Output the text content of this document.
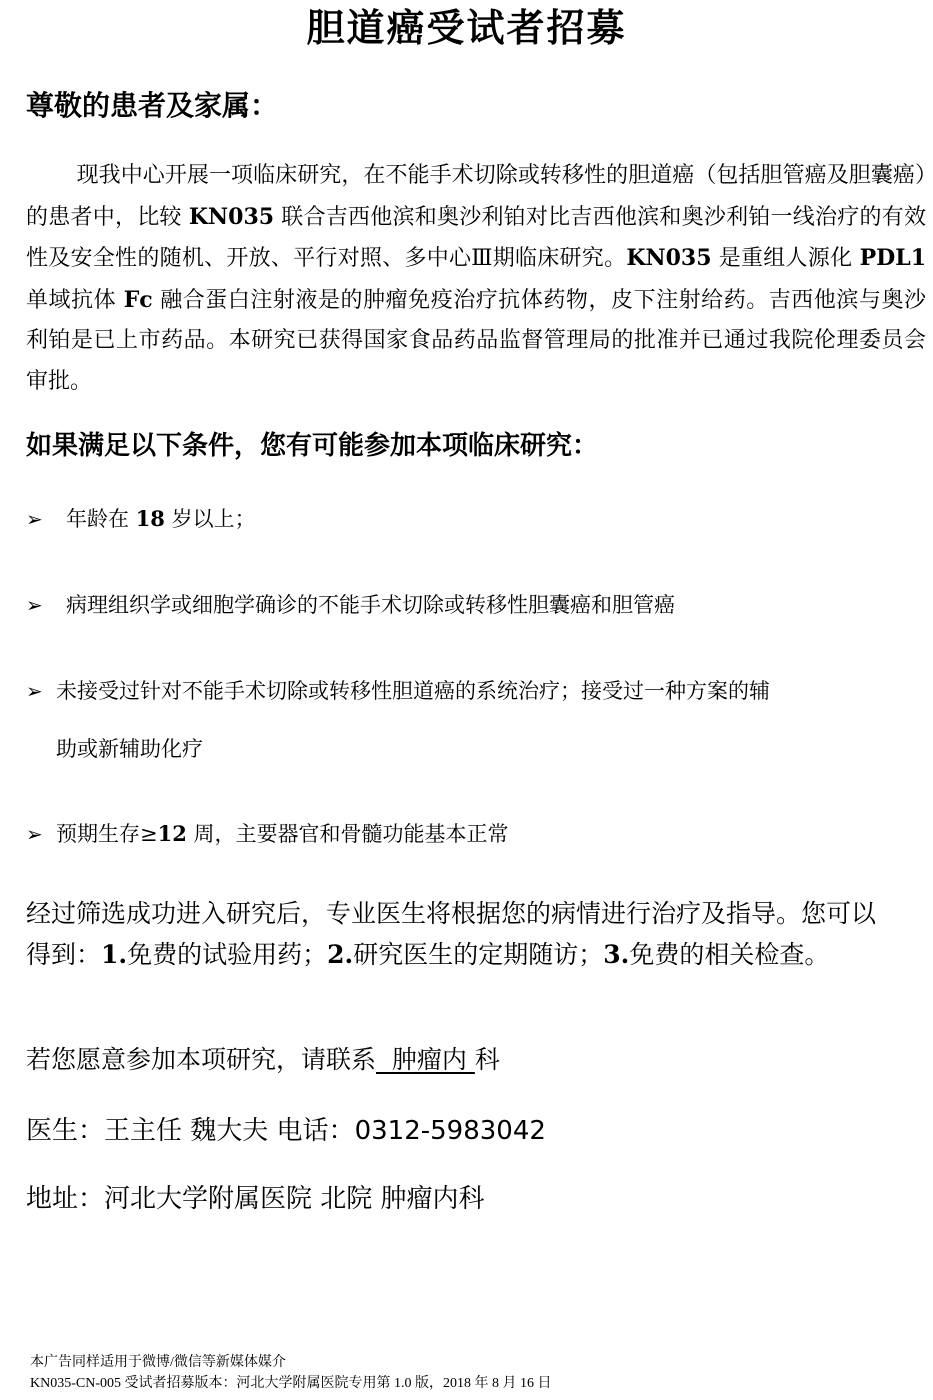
胆道癌受试者招募
尊敬的患者及家属：

现我中心开展一项临床研究，在不能手术切除或转移性的胆道癌（包括胆管癌及胆囊癌）的患者中，比较 KN035 联合吉西他滨和奥沙利铂对比吉西他滨和奥沙利铂一线治疗的有效性及安全性的随机、开放、平行对照、多中心Ⅲ期临床研究。KN035 是重组人源化 PDL1 单域抗体 Fc 融合蛋白注射液是的肿瘤免疫治疗抗体药物，皮下注射给药。吉西他滨与奥沙利铂是已上市药品。本研究已获得国家食品药品监督管理局的批准并已通过我院伦理委员会审批。

如果满足以下条件，您有可能参加本项临床研究：
➢ 年龄在 18 岁以上；
➢ 病理组织学或细胞学确诊的不能手术切除或转移性胆囊癌和胆管癌
➢ 未接受过针对不能手术切除或转移性胆道癌的系统治疗；接受过一种方案的辅
助或新辅助化疗
➢ 预期生存≥12 周，主要器官和骨髓功能基本正常

经过筛选成功进入研究后，专业医生将根据您的病情进行治疗及指导。您可以得到：1.免费的试验用药；2.研究医生的定期随访；3.免费的相关检查。

若您愿意参加本项研究，请联系  肿瘤内 科
医生：王主任 魏大夫 电话：0312-5983042
地址：河北大学附属医院 北院 肿瘤内科
本广告同样适用于微博/微信等新媒体媒介
KN035-CN-005 受试者招募版本：河北大学附属医院专用第 1.0 版，2018 年 8 月 16 日
